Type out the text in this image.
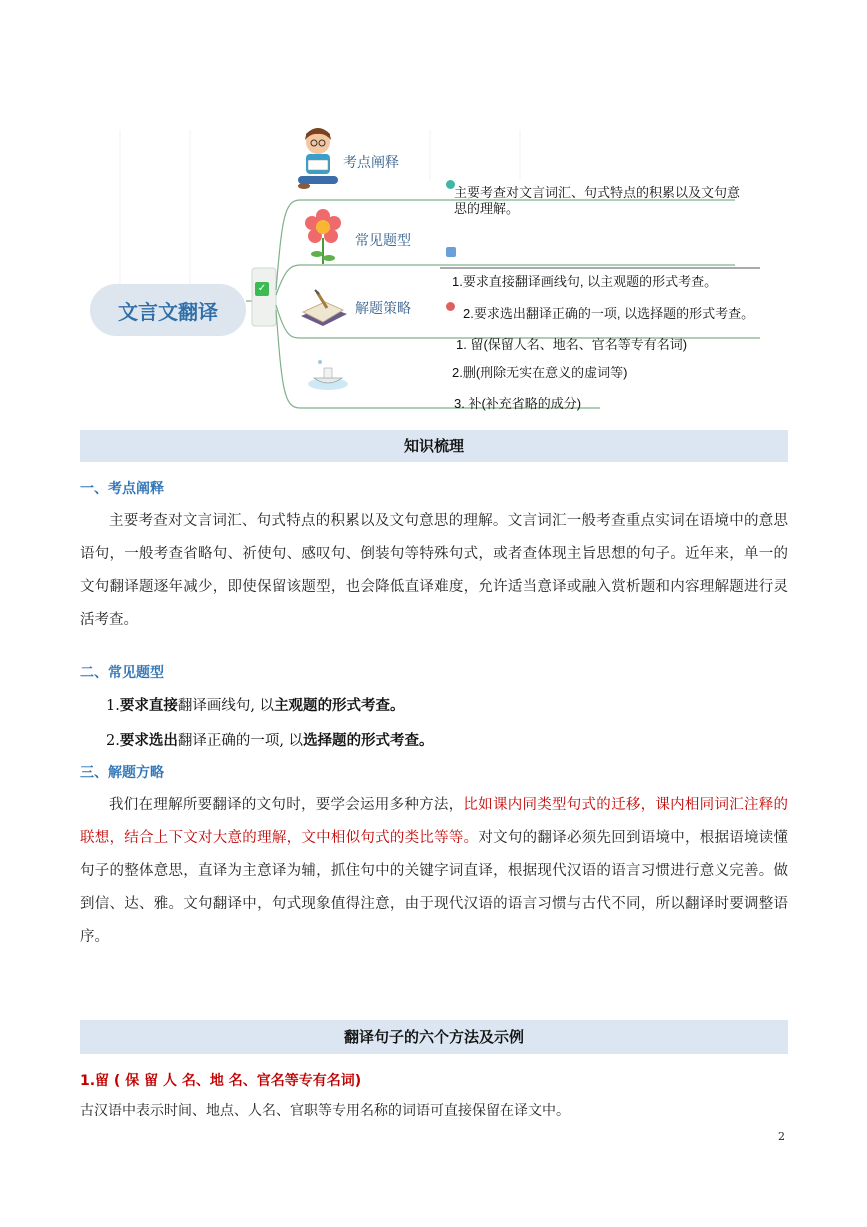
文言文翻译
✓
考点阐释
常见题型
解题策略
主要考查对文言词汇、句式特点的积累以及文句意思的理解。
1.要求直接翻译画线句, 以主观题的形式考查。
2.要求选出翻译正确的一项, 以选择题的形式考查。
1. 留(保留人名、地名、官名等专有名词)
2.删(刑除无实在意义的虚词等)
3. 补(补充省略的成分)
知识梳理
一、考点阐释
主要考查对文言词汇、句式特点的积累以及文句意思的理解。文言词汇一般考查重点实词在语境中的意思语句，一般考查省略句、祈使句、感叹句、倒装句等特殊句式，或者查体现主旨思想的句子。近年来，单一的文句翻译题逐年减少，即使保留该题型，也会降低直译难度，允许适当意译或融入赏析题和内容理解题进行灵活考查。
二、常见题型
1.要求直接翻译画线句, 以主观题的形式考查。
2.要求选出翻译正确的一项, 以选择题的形式考查。
三、解题方略
我们在理解所要翻译的文句时，要学会运用多种方法，比如课内同类型句式的迁移，课内相同词汇注释的联想，结合上下文对大意的理解，文中相似句式的类比等等。对文句的翻译必须先回到语境中，根据语境读懂句子的整体意思，直译为主意译为辅，抓住句中的关键字词直译，根据现代汉语的语言习惯进行意义完善。做到信、达、雅。文句翻译中，句式现象值得注意，由于现代汉语的语言习惯与古代不同，所以翻译时要调整语序。
翻译句子的六个方法及示例
1.留 ( 保 留 人 名、地 名、官名等专有名词)
古汉语中表示时间、地点、人名、官职等专用名称的词语可直接保留在译文中。
2
